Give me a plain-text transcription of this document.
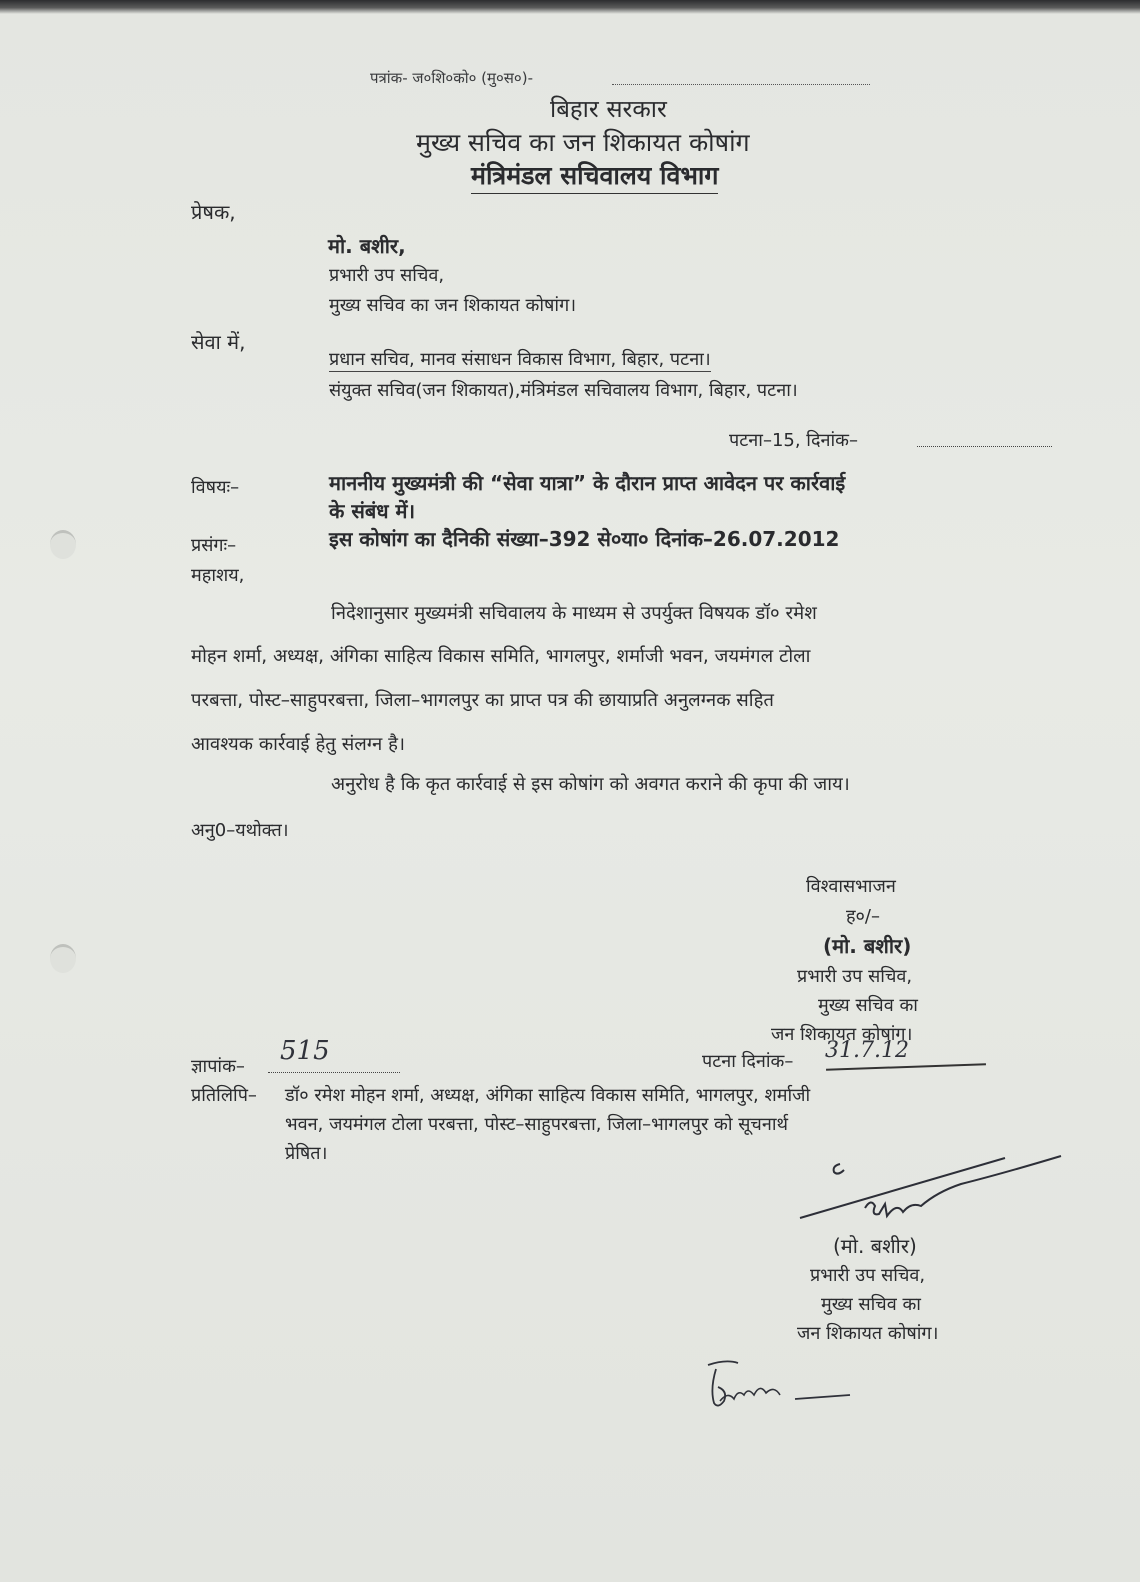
पत्रांक- ज०शि०को० (मु०स०)-
बिहार सरकार
मुख्य सचिव का जन शिकायत कोषांग
मंत्रिमंडल सचिवालय विभाग
प्रेषक,
मो. बशीर,
प्रभारी उप सचिव,
मुख्य सचिव का जन शिकायत कोषांग।
सेवा में,
प्रधान सचिव, मानव संसाधन विकास विभाग, बिहार, पटना।
संयुक्त सचिव(जन शिकायत),मंत्रिमंडल सचिवालय विभाग, बिहार, पटना।
पटना–15, दिनांक–
विषयः–	माननीय मुख्यमंत्री की “सेवा यात्रा” के दौरान प्राप्त आवेदन पर कार्रवाई
के संबंध में।
प्रसंगः–	इस कोषांग का दैनिकी संख्या–392 से०या० दिनांक–26.07.2012
महाशय,
निदेशानुसार मुख्यमंत्री सचिवालय के माध्यम से उपर्युक्त विषयक डॉ० रमेश
मोहन शर्मा, अध्यक्ष, अंगिका साहित्य विकास समिति, भागलपुर, शर्माजी भवन, जयमंगल टोला
परबत्ता, पोस्ट–साहुपरबत्ता, जिला–भागलपुर का प्राप्त पत्र की छायाप्रति अनुलग्नक सहित
आवश्यक कार्रवाई हेतु संलग्न है।
अनुरोध है कि कृत कार्रवाई से इस कोषांग को अवगत कराने की कृपा की जाय।
अनु0–यथोक्त।
विश्वासभाजन
ह०/–
(मो. बशीर)
प्रभारी उप सचिव,
मुख्य सचिव का
जन शिकायत कोषांग।
ज्ञापांक–
515	पटना दिनांक– 31.7.12
प्रतिलिपि– डॉ० रमेश मोहन शर्मा, अध्यक्ष, अंगिका साहित्य विकास समिति, भागलपुर, शर्माजी
भवन, जयमंगल टोला परबत्ता, पोस्ट–साहुपरबत्ता, जिला–भागलपुर को सूचनार्थ
प्रेषित।
(मो. बशीर)
प्रभारी उप सचिव,
मुख्य सचिव का
जन शिकायत कोषांग।
